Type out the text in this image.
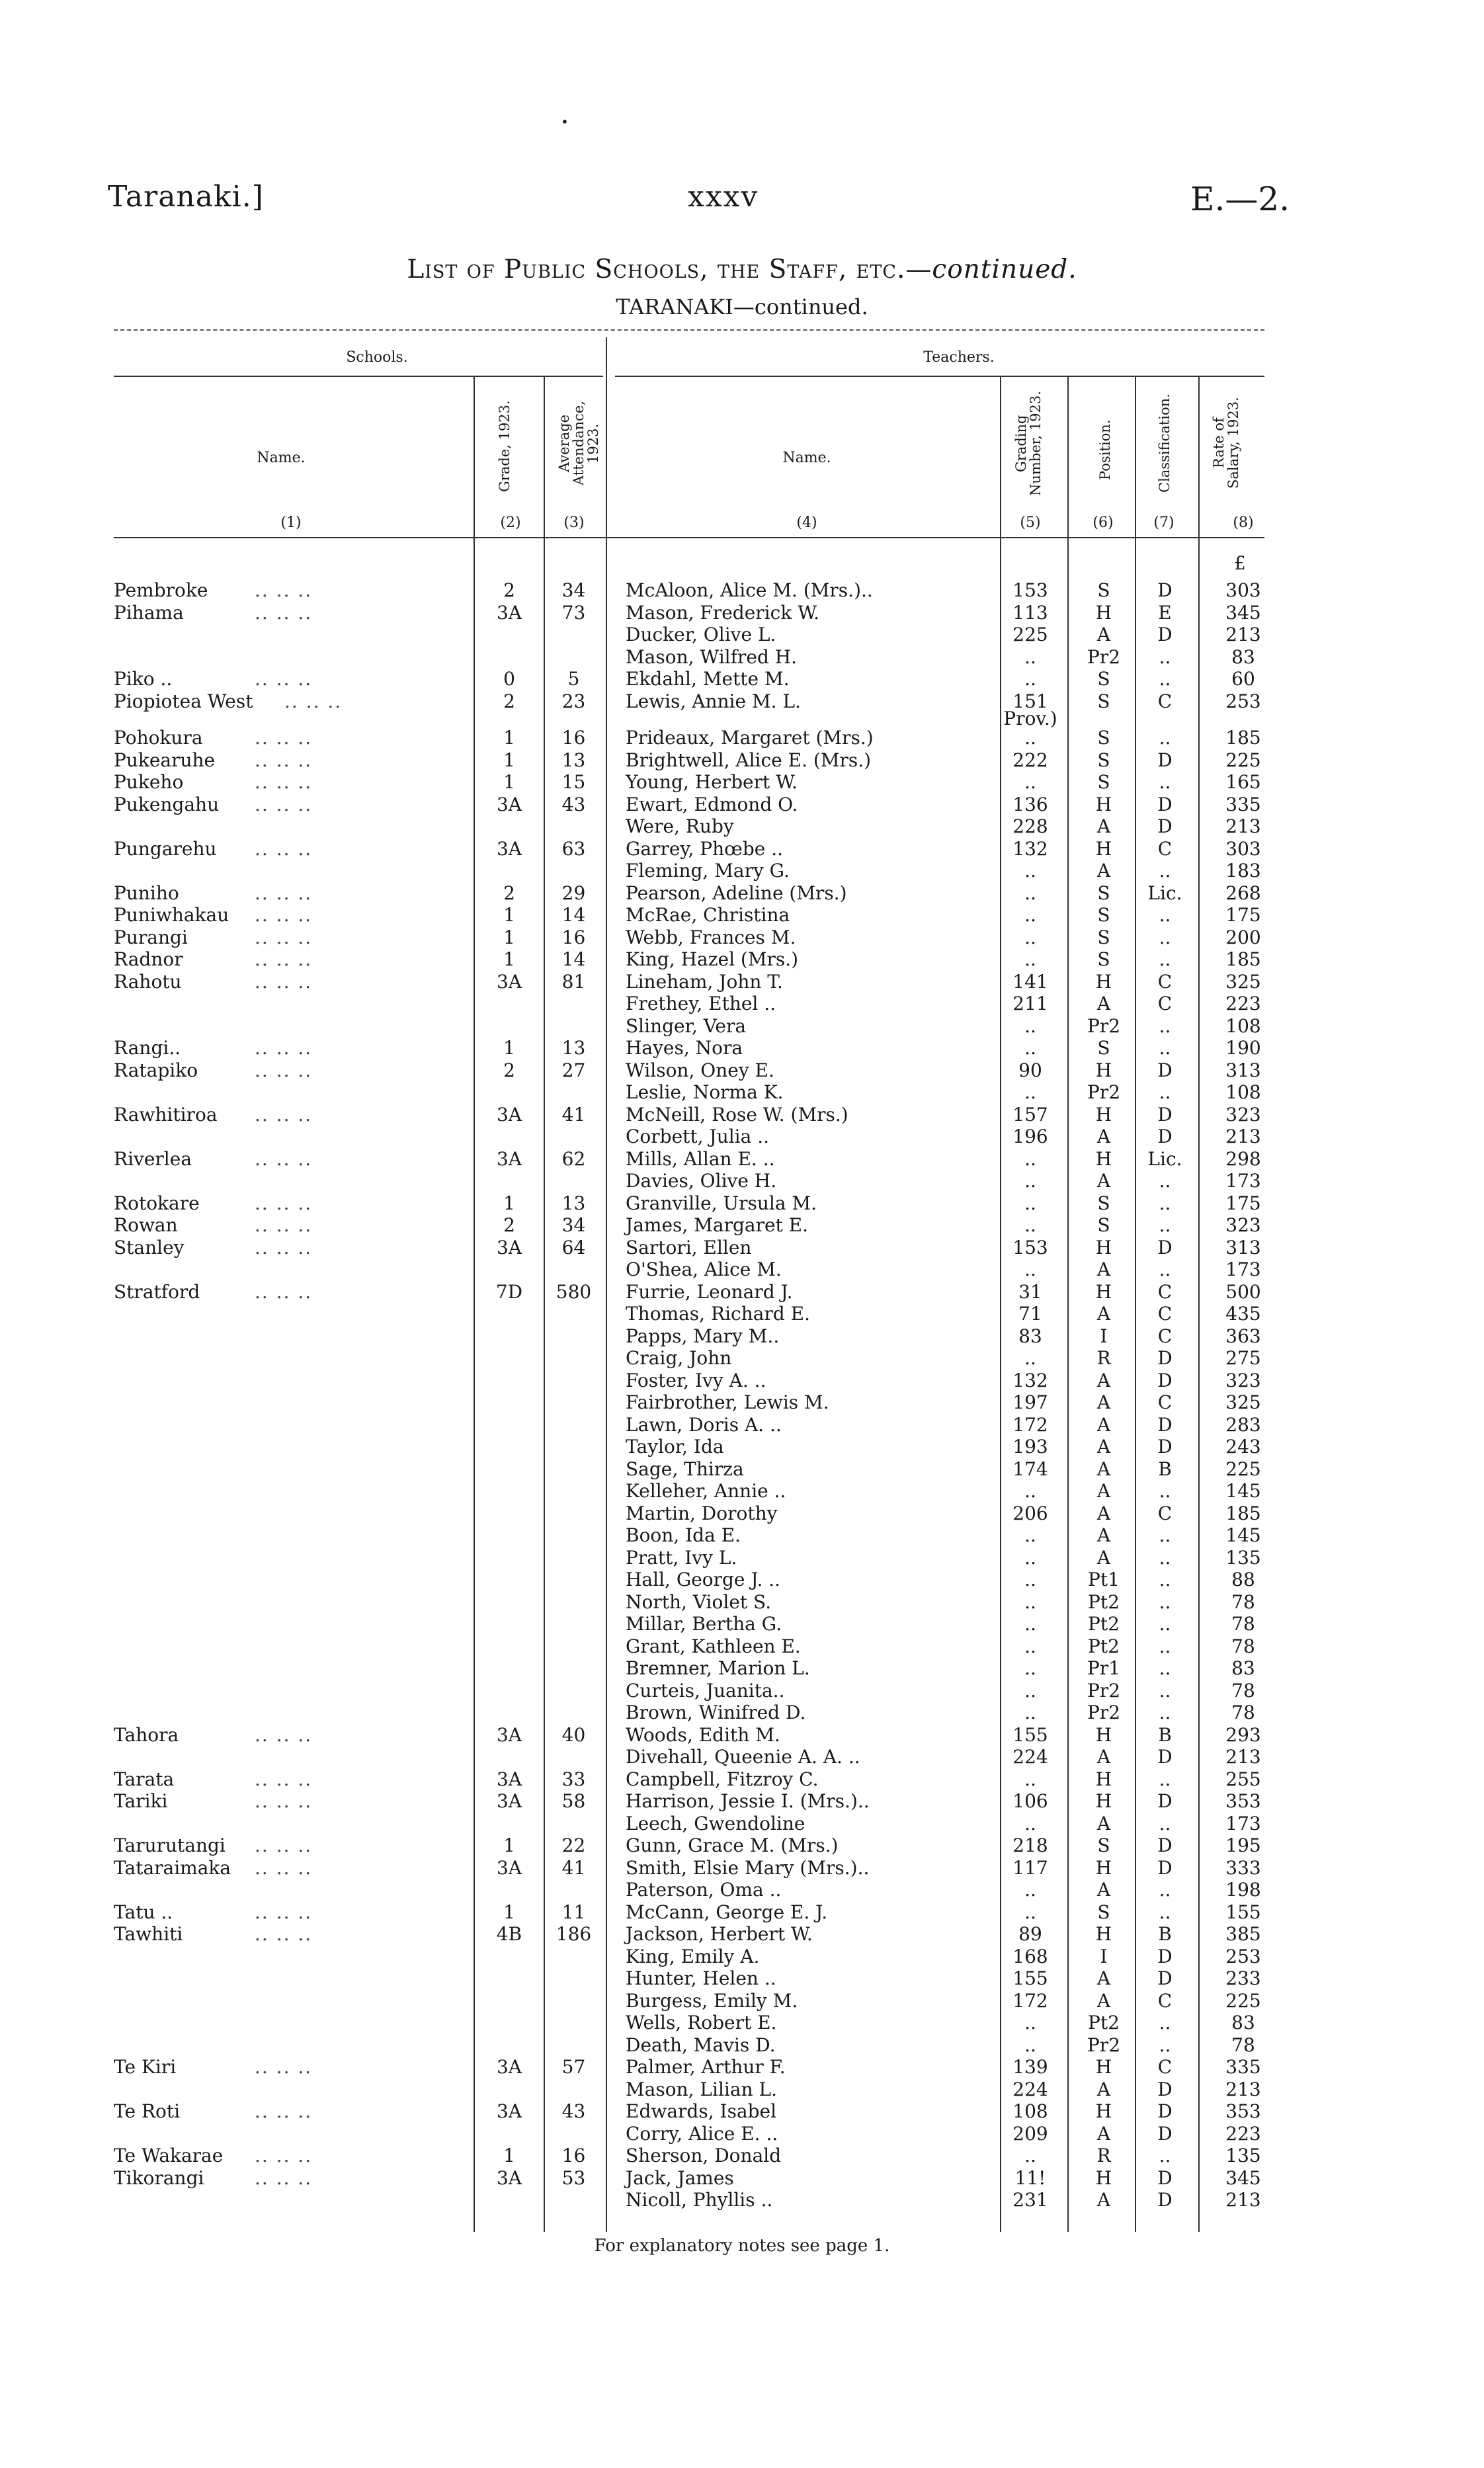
•
Taranaki.]	xxxv	E.—2.
List of Public Schools, the Staff, etc.—continued.
TARANAKI—continued.
Schools.	Teachers.
Name.	Grade, 1923.	Average Attendance, 1923.	Name.	Grading Number, 1923.	Position.	Classification.	Rate of Salary, 1923.
(1)	(2)	(3)	(4)	(5)	(6)	(7)	(8)
£
Pembroke	2	34	McAloon, Alice M. (Mrs.)..	153	S	D	303
.. .. ..
Pihama	3A	73	Mason, Frederick W.	113	H	E	345
.. .. ..
Ducker, Olive L.	225	A	D	213
Mason, Wilfred H.	..	Pr2	..	83
Piko ..	0	5	Ekdahl, Mette M.	..	S	..	60
.. .. ..
Piopiotea West	2	23	Lewis, Annie M. L.	151	S	C	253
.. .. ..
Prov.)
Pohokura	1	16	Prideaux, Margaret (Mrs.)	..	S	..	185
.. .. ..
Pukearuhe	1	13	Brightwell, Alice E. (Mrs.)	222	S	D	225
.. .. ..
Pukeho	1	15	Young, Herbert W.	..	S	..	165
.. .. ..
Pukengahu	3A	43	Ewart, Edmond O.	136	H	D	335
.. .. ..
Were, Ruby	228	A	D	213
Pungarehu	3A	63	Garrey, Phœbe ..	132	H	C	303
.. .. ..
Fleming, Mary G.	..	A	..	183
Puniho	2	29	Pearson, Adeline (Mrs.)	..	S	Lic.	268
.. .. ..
Puniwhakau	1	14	McRae, Christina	..	S	..	175
.. .. ..
Purangi	1	16	Webb, Frances M.	..	S	..	200
.. .. ..
Radnor	1	14	King, Hazel (Mrs.)	..	S	..	185
.. .. ..
Rahotu	3A	81	Lineham, John T.	141	H	C	325
.. .. ..
Frethey, Ethel ..	211	A	C	223
Slinger, Vera	..	Pr2	..	108
Rangi..	1	13	Hayes, Nora	..	S	..	190
.. .. ..
Ratapiko	2	27	Wilson, Oney E.	90	H	D	313
.. .. ..
Leslie, Norma K.	..	Pr2	..	108
Rawhitiroa	3A	41	McNeill, Rose W. (Mrs.)	157	H	D	323
.. .. ..
Corbett, Julia ..	196	A	D	213
Riverlea	3A	62	Mills, Allan E. ..	..	H	Lic.	298
.. .. ..
Davies, Olive H.	..	A	..	173
Rotokare	1	13	Granville, Ursula M.	..	S	..	175
.. .. ..
Rowan	2	34	James, Margaret E.	..	S	..	323
.. .. ..
Stanley	3A	64	Sartori, Ellen	153	H	D	313
.. .. ..
O'Shea, Alice M.	..	A	..	173
Stratford	7D	580	Furrie, Leonard J.	31	H	C	500
.. .. ..
Thomas, Richard E.	71	A	C	435
Papps, Mary M..	83	I	C	363
Craig, John	..	R	D	275
Foster, Ivy A. ..	132	A	D	323
Fairbrother, Lewis M.	197	A	C	325
Lawn, Doris A. ..	172	A	D	283
Taylor, Ida	193	A	D	243
Sage, Thirza	174	A	B	225
Kelleher, Annie ..	..	A	..	145
Martin, Dorothy	206	A	C	185
Boon, Ida E.	..	A	..	145
Pratt, Ivy L.	..	A	..	135
Hall, George J. ..	..	Pt1	..	88
North, Violet S.	..	Pt2	..	78
Millar, Bertha G.	..	Pt2	..	78
Grant, Kathleen E.	..	Pt2	..	78
Bremner, Marion L.	..	Pr1	..	83
Curteis, Juanita..	..	Pr2	..	78
Brown, Winifred D.	..	Pr2	..	78
Tahora	3A	40	Woods, Edith M.	155	H	B	293
.. .. ..
Divehall, Queenie A. A. ..	224	A	D	213
Tarata	3A	33	Campbell, Fitzroy C.	..	H	..	255
.. .. ..
Tariki	3A	58	Harrison, Jessie I. (Mrs.)..	106	H	D	353
.. .. ..
Leech, Gwendoline	..	A	..	173
Tarurutangi	1	22	Gunn, Grace M. (Mrs.)	218	S	D	195
.. .. ..
Tataraimaka	3A	41	Smith, Elsie Mary (Mrs.)..	117	H	D	333
.. .. ..
Paterson, Oma ..	..	A	..	198
Tatu ..	1	11	McCann, George E. J.	..	S	..	155
.. .. ..
Tawhiti	4B	186	Jackson, Herbert W.	89	H	B	385
.. .. ..
King, Emily A.	168	I	D	253
Hunter, Helen ..	155	A	D	233
Burgess, Emily M.	172	A	C	225
Wells, Robert E.	..	Pt2	..	83
Death, Mavis D.	..	Pr2	..	78
Te Kiri	3A	57	Palmer, Arthur F.	139	H	C	335
.. .. ..
Mason, Lilian L.	224	A	D	213
Te Roti	3A	43	Edwards, Isabel	108	H	D	353
.. .. ..
Corry, Alice E. ..	209	A	D	223
Te Wakarae	1	16	Sherson, Donald	..	R	..	135
.. .. ..
Tikorangi	3A	53	Jack, James	11!	H	D	345
.. .. ..
Nicoll, Phyllis ..	231	A	D	213
For explanatory notes see page 1.
